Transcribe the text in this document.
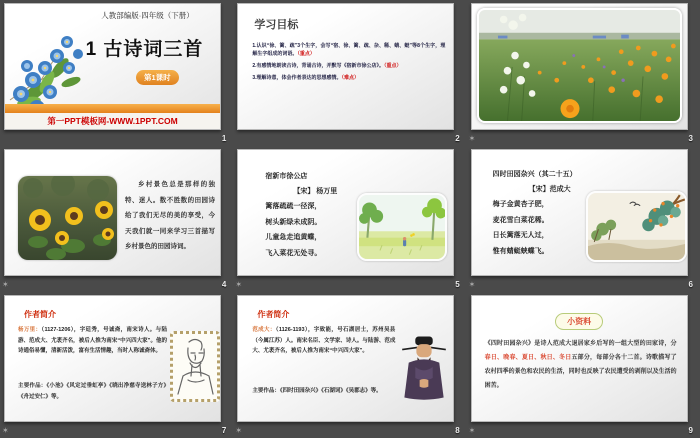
人教部编版·四年级（下册）
1 古诗词三首
第1课时
第一PPT模板网-WWW.1PPT.COM
1
学习目标

1.认识“徐、篱、疏”3个生字，会写“宿、徐、篱、疏、杂、稀、蜻、蜓”等8个生字，理解生字组成的词语。（重点）

2.有感情地朗读古诗，背诵古诗，并默写《宿新市徐公店》。（重点）

3.理解诗意，体会作者表达的思想感情。（难点）

2 ✶	3
乡村景色总是那样的独特、迷人。数不胜数的田园诗给了我们无尽的美的享受，今天我们就一同来学习三首描写乡村景色的田园诗词。
✶	4
宿新市徐公店
【宋】 杨万里
篱落疏疏一径深，
树头新绿未成阴。
儿童急走追黄蝶，
飞入菜花无处寻。
✶	5
四时田园杂兴（其二十五）
【宋】范成大
梅子金黄杏子肥，
麦花雪白菜花稀。
日长篱落无人过，
惟有蜻蜓蛱蝶飞。
✶	6
作者简介
杨万里：（1127-1206），字廷秀，号诚斋，南宋诗人。与陆游、范成大、尤袤齐名，被后人推为南宋“中兴四大家”。他的诗通俗易懂，清新活泼，富有生活情趣，当时人称诚斋体。
主要作品：《小池》《风定过垂虹亭》《晓出净慈寺送林子方》《舟过安仁》等。
✶	7
作者简介
范成大：（1126-1193），字致能，号石湖居士，苏州吴县（今属江苏）人。南宋名臣、文学家、诗人。与陆游、范成大、尤袤齐名，被后人推为南宋“中兴四大家”。
主要作品：《四时田园杂兴》《石湖词》《吴郡志》等。
✶	8
小资料
《四时田园杂兴》是诗人范成大退居家乡后写的一组大型的田家诗，分春日、晚春、夏日、秋日、冬日五部分，每部分各十二首。诗歌描写了农村四季的景色和农民的生活，同时也反映了农民遭受的剥削以及生活的困苦。
✶	9
